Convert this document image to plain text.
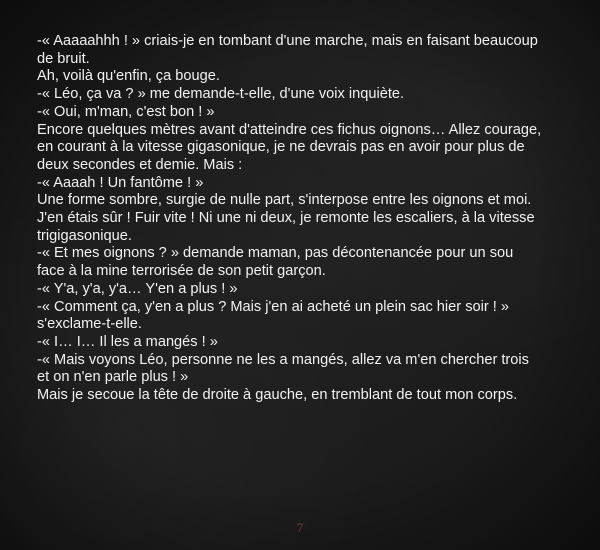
-« Aaaaahhh ! » criais-je en tombant d'une marche, mais en faisant beaucoup
de bruit.
Ah, voilà qu'enfin, ça bouge.
-« Léo, ça va ? » me demande-t-elle, d'une voix inquiète.
-« Oui, m'man, c'est bon ! »
Encore quelques mètres avant d'atteindre ces fichus oignons… Allez courage,
en courant à la vitesse gigasonique, je ne devrais pas en avoir pour plus de
deux secondes et demie. Mais :
-« Aaaah ! Un fantôme ! »
Une forme sombre, surgie de nulle part, s'interpose entre les oignons et moi.
J'en étais sûr ! Fuir vite ! Ni une ni deux, je remonte les escaliers, à la vitesse
trigigasonique.
-« Et mes oignons ? » demande maman, pas décontenancée pour un sou
face à la mine terrorisée de son petit garçon.
-« Y'a, y'a, y'a… Y'en a plus ! »
-« Comment ça, y'en a plus ? Mais j'en ai acheté un plein sac hier soir ! »
s'exclame-t-elle.
-« I… I… Il les a mangés ! »
-« Mais voyons Léo, personne ne les a mangés, allez va m'en chercher trois
et on n'en parle plus ! »
Mais je secoue la tête de droite à gauche, en tremblant de tout mon corps.
7
